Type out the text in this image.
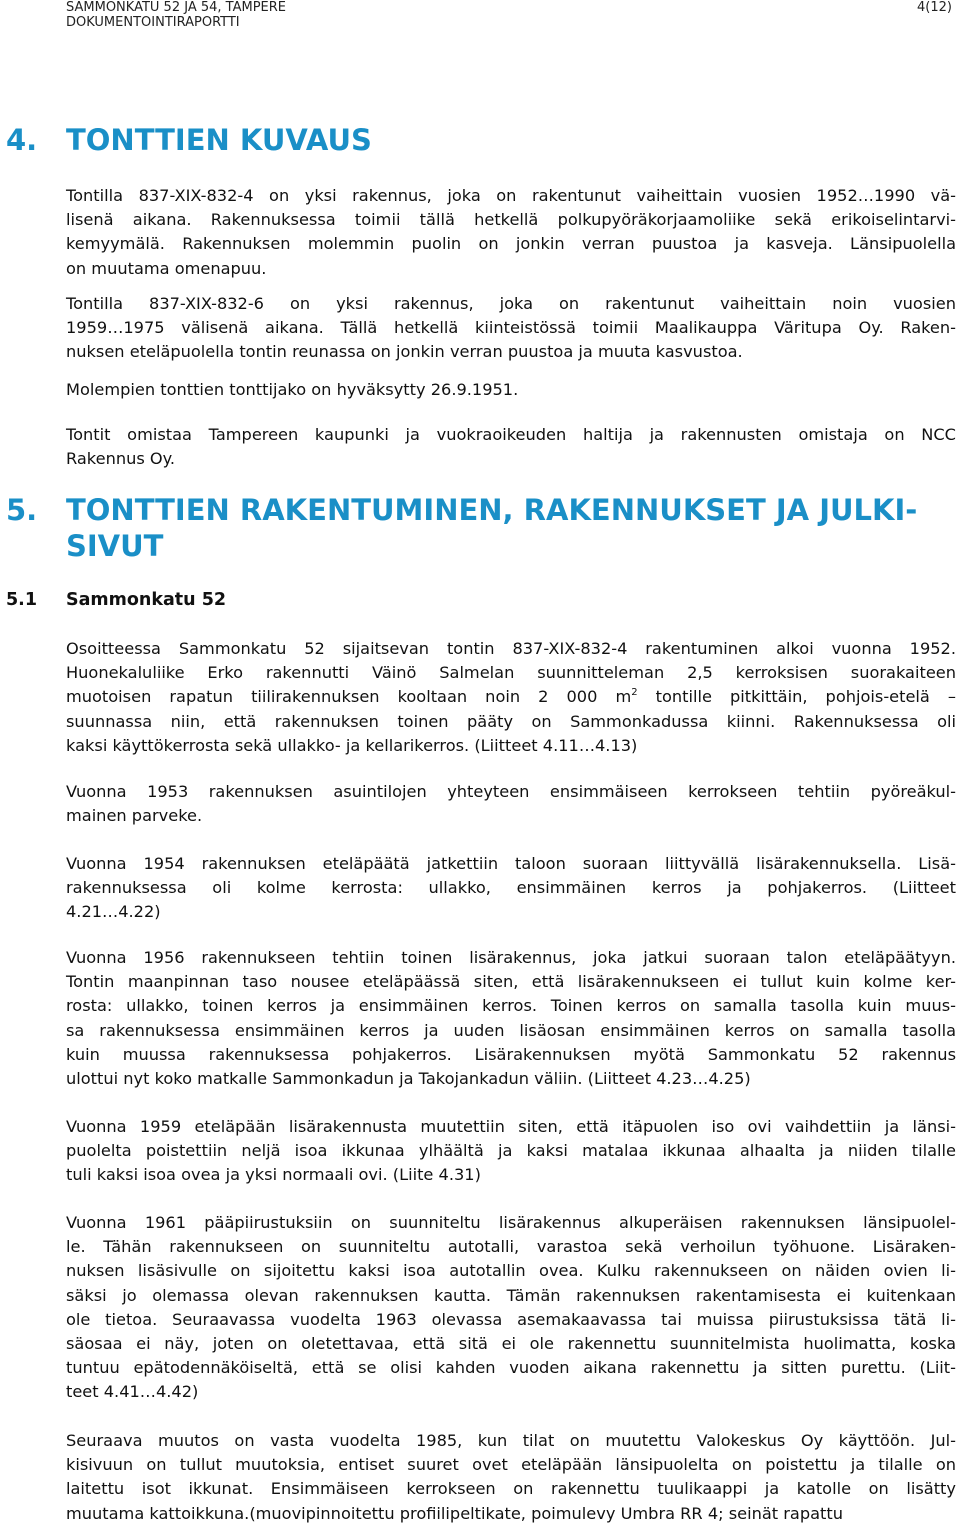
SAMMONKATU 52 JA 54, TAMPERE
DOKUMENTOINTIRAPORTTI
4(12)
4. TONTTIEN KUVAUS
Tontilla 837-XIX-832-4 on yksi rakennus, joka on rakentunut vaiheittain vuosien 1952…1990 vä-
lisenä aikana. Rakennuksessa toimii tällä hetkellä polkupyöräkorjaamoliike sekä erikoiselintarvi-
kemyymälä. Rakennuksen molemmin puolin on jonkin verran puustoa ja kasveja. Länsipuolella
on muutama omenapuu.
Tontilla 837-XIX-832-6 on yksi rakennus, joka on rakentunut vaiheittain noin vuosien
1959…1975 välisenä aikana. Tällä hetkellä kiinteistössä toimii Maalikauppa Väritupa Oy. Raken-
nuksen eteläpuolella tontin reunassa on jonkin verran puustoa ja muuta kasvustoa.
Molempien tonttien tonttijako on hyväksytty 26.9.1951.
Tontit omistaa Tampereen kaupunki ja vuokraoikeuden haltija ja rakennusten omistaja on NCC
Rakennus Oy.
5. TONTTIEN RAKENTUMINEN, RAKENNUKSET JA JULKI-
SIVUT
5.1 Sammonkatu 52
Osoitteessa Sammonkatu 52 sijaitsevan tontin 837-XIX-832-4 rakentuminen alkoi vuonna 1952.
Huonekaluliike Erko rakennutti Väinö Salmelan suunnittelеman 2,5 kerroksisen suorakaiteen
muotoisen rapatun tiilirakennuksen kooltaan noin 2 000 $m^2$ tontille pitkittäin, pohjois-etelä –
suunnassa niin, että rakennuksen toinen pääty on Sammonkadussa kiinni. Rakennuksessa oli
kaksi käyttökerrosta sekä ullakko- ja kellarikerros. (Liitteet 4.11…4.13)
Vuonna 1953 rakennuksen asuintilojen yhteyteen ensimmäiseen kerrokseen tehtiin pyöreäkul-
mainen parveke.
Vuonna 1954 rakennuksen eteläpäätä jatkettiin taloon suoraan liittyvällä lisärakennuksella. Lisä-
rakennuksessa oli kolme kerrosta: ullakko, ensimmäinen kerros ja pohjakerros. (Liitteet
4.21…4.22)
Vuonna 1956 rakennukseen tehtiin toinen lisärakennus, joka jatkui suoraan talon eteläpäätyyn.
Tontin maanpinnan taso nousee eteläpäässä siten, että lisärakennukseen ei tullut kuin kolme ker-
rosta: ullakko, toinen kerros ja ensimmäinen kerros. Toinen kerros on samalla tasolla kuin muus-
sa rakennuksessa ensimmäinen kerros ja uuden lisäosan ensimmäinen kerros on samalla tasolla
kuin muussa rakennuksessa pohjakerros. Lisärakennuksen myötä Sammonkatu 52 rakennus
ulottui nyt koko matkalle Sammonkadun ja Takojankadun väliin. (Liitteet 4.23…4.25)
Vuonna 1959 eteläpään lisärakennusta muutettiin siten, että itäpuolen iso ovi vaihdettiin ja länsi-
puolelta poistettiin neljä isoa ikkunaa ylhäältä ja kaksi matalaa ikkunaa alhaalta ja niiden tilalle
tuli kaksi isoa ovea ja yksi normaali ovi. (Liite 4.31)
Vuonna 1961 pääpiirustuksiin on suunniteltu lisärakennus alkuperäisen rakennuksen länsipuolel-
le. Tähän rakennukseen on suunniteltu autotalli, varastoa sekä verhoilun työhuone. Lisäraken-
nuksen lisäsivulle on sijoitettu kaksi isoa autotallin ovea. Kulku rakennukseen on näiden ovien li-
säksi jo olemassa olevan rakennuksen kautta. Tämän rakennuksen rakentamisesta ei kuitenkaan
ole tietoa. Seuraavassa vuodelta 1963 olevassa asemakaavassa tai muissa piirustuksissa tätä li-
säosaa ei näy, joten on oletettavaa, että sitä ei ole rakennettu suunnitelmista huolimatta, koska
tuntuu epätodennäköiseltä, että se olisi kahden vuoden aikana rakennettu ja sitten purettu. (Liit-
teet 4.41…4.42)
Seuraava muutos on vasta vuodelta 1985, kun tilat on muutettu Valokeskus Oy käyttöön. Jul-
kisivuun on tullut muutoksia, entiset suuret ovet eteläpään länsipuolelta on poistettu ja tilalle on
laitettu isot ikkunat. Ensimmäiseen kerrokseen on rakennettu tuulikaappi ja katolle on lisätty
muutama kattoikkuna.(muovipinnoitettu profiilipeltikate, poimulevy Umbra RR 4; seinät rapattu
